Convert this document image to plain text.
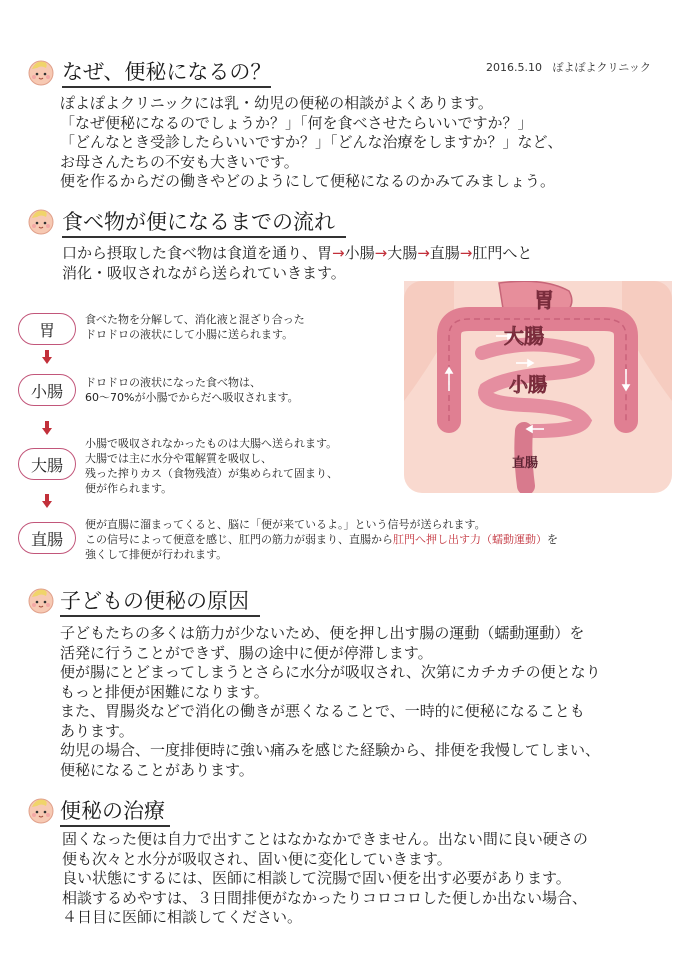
なぜ、便秘になるの？	2016.5.10 ぽよぽよクリニック
ぽよぽよクリニックには乳・幼児の便秘の相談がよくあります。
「なぜ便秘になるのでしょうか？」「何を食べさせたらいいですか？」
「どんなとき受診したらいいですか？」「どんな治療をしますか？」など、
お母さんたちの不安も大きいです。
便を作るからだの働きやどのようにして便秘になるのかみてみましょう。
食べ物が便になるまでの流れ
口から摂取した食べ物は食道を通り、胃→小腸→大腸→直腸→肛門へと
消化・吸収されながら送られていきます。
胃
食べた物を分解して、消化液と混ざり合った
ドロドロの液状にして小腸に送られます。
小腸	ドロドロの液状になった食べ物は、
60～70%が小腸でからだへ吸収されます。
大腸
小腸で吸収されなかったものは大腸へ送られます。
大腸では主に水分や電解質を吸収し、
残った搾りカス（食物残渣）が集められて固まり、
便が作られます。
直腸
便が直腸に溜まってくると、脳に「便が来ているよ。」という信号が送られます。
この信号によって便意を感じ、肛門の筋力が弱まり、直腸から肛門へ押し出す力（蠕動運動）を
強くして排便が行われます。
胃
大腸
小腸
直腸
子どもの便秘の原因
子どもたちの多くは筋力が少ないため、便を押し出す腸の運動（蠕動運動）を
活発に行うことができず、腸の途中に便が停滞します。
便が腸にとどまってしまうとさらに水分が吸収され、次第にカチカチの便となり
もっと排便が困難になります。
また、胃腸炎などで消化の働きが悪くなることで、一時的に便秘になることも
あります。
幼児の場合、一度排便時に強い痛みを感じた経験から、排便を我慢してしまい、
便秘になることがあります。
便秘の治療
固くなった便は自力で出すことはなかなかできません。出ない間に良い硬さの
便も次々と水分が吸収され、固い便に変化していきます。
良い状態にするには、医師に相談して浣腸で固い便を出す必要があります。
相談するめやすは、３日間排便がなかったりコロコロした便しか出ない場合、
４日目に医師に相談してください。
